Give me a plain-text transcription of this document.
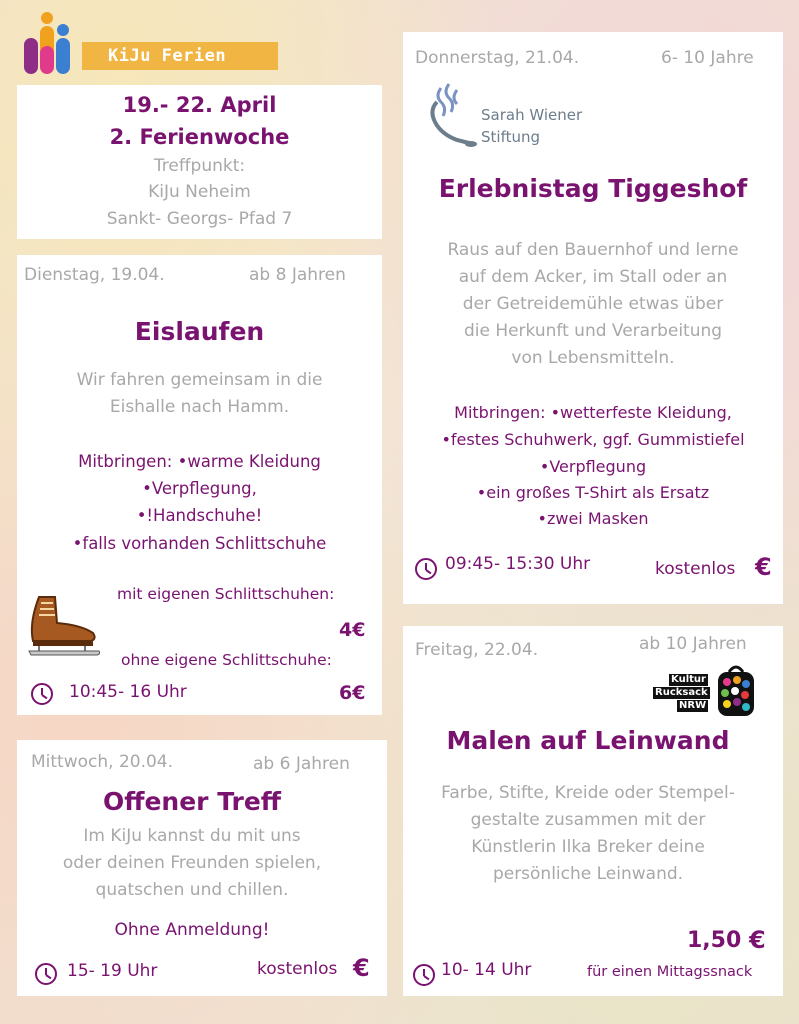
KiJu Ferien
19.- 22. April
2. Ferienwoche
Treffpunkt:
KiJu Neheim
Sankt- Georgs- Pfad 7
Dienstag, 19.04.	ab 8 Jahren
Eislaufen
Wir fahren gemeinsam in die
Eishalle nach Hamm.
Mitbringen: •warme Kleidung
•Verpflegung,
•!Handschuhe!
•falls vorhanden Schlittschuhe
mit eigenen Schlittschuhen:
4€
ohne eigene Schlittschuhe:
10:45- 16 Uhr	6€
Mittwoch, 20.04.	ab 6 Jahren
Offener Treff
Im KiJu kannst du mit uns
oder deinen Freunden spielen,
quatschen und chillen.
Ohne Anmeldung!
15- 19 Uhr	kostenlos €
Donnerstag, 21.04.	6- 10 Jahre
Sarah Wiener
Stiftung
Erlebnistag Tiggeshof
Raus auf den Bauernhof und lerne
auf dem Acker, im Stall oder an
der Getreidemühle etwas über
die Herkunft und Verarbeitung
von Lebensmitteln.
Mitbringen: •wetterfeste Kleidung,
•festes Schuhwerk, ggf. Gummistiefel
•Verpflegung
•ein großes T-Shirt als Ersatz
•zwei Masken
09:45- 15:30 Uhr	kostenlos €
Freitag, 22.04.	ab 10 Jahren
Kultur
Rucksack
NRW
Malen auf Leinwand
Farbe, Stifte, Kreide oder Stempel-
gestalte zusammen mit der
Künstlerin Ilka Breker deine
persönliche Leinwand.
1,50 €
10- 14 Uhr	für einen Mittagssnack
